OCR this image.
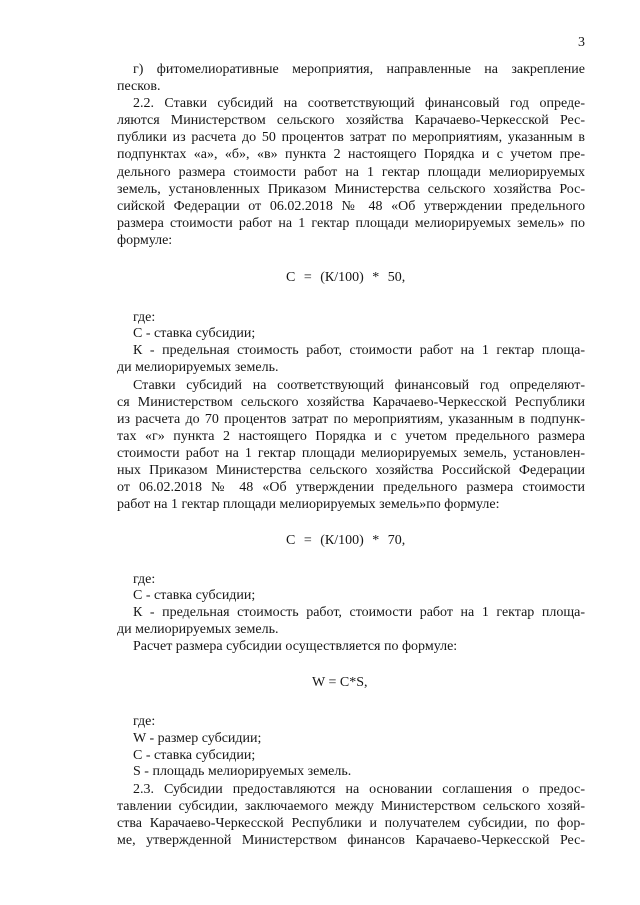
3
г) фитомелиоративные мероприятия, направленные на закрепление
песков.
2.2. Ставки субсидий на соответствующий финансовый год опреде-
ляются Министерством сельского хозяйства Карачаево-Черкесской Рес-
публики из расчета до 50 процентов затрат по мероприятиям, указанным в
подпунктах «а», «б», «в» пункта 2 настоящего Порядка и с учетом пре-
дельного размера стоимости работ на 1 гектар площади мелиорируемых
земель, установленных Приказом Министерства сельского хозяйства Рос-
сийской Федерации от 06.02.2018 № 48 «Об утверждении предельного
размера стоимости работ на 1 гектар площади мелиорируемых земель» по
формуле:
С = (К/100) * 50,
где:
С - ставка субсидии;
К - предельная стоимость работ, стоимости работ на 1 гектар площа-
ди мелиорируемых земель.
Ставки субсидий на соответствующий финансовый год определяют-
ся Министерством сельского хозяйства Карачаево-Черкесской Республики
из расчета до 70 процентов затрат по мероприятиям, указанным в подпунк-
тах «г» пункта 2 настоящего Порядка и с учетом предельного размера
стоимости работ на 1 гектар площади мелиорируемых земель, установлен-
ных Приказом Министерства сельского хозяйства Российской Федерации
от 06.02.2018 № 48 «Об утверждении предельного размера стоимости
работ на 1 гектар площади мелиорируемых земель»по формуле:
С = (К/100) * 70,
где:
С - ставка субсидии;
К - предельная стоимость работ, стоимости работ на 1 гектар площа-
ди мелиорируемых земель.
Расчет размера субсидии осуществляется по формуле:
W = C*S,
где:
W - размер субсидии;
С - ставка субсидии;
S - площадь мелиорируемых земель.
2.3. Субсидии предоставляются на основании соглашения о предос-
тавлении субсидии, заключаемого между Министерством сельского хозяй-
ства Карачаево-Черкесской Республики и получателем субсидии, по фор-
ме, утвержденной Министерством финансов Карачаево-Черкесской Рес-
